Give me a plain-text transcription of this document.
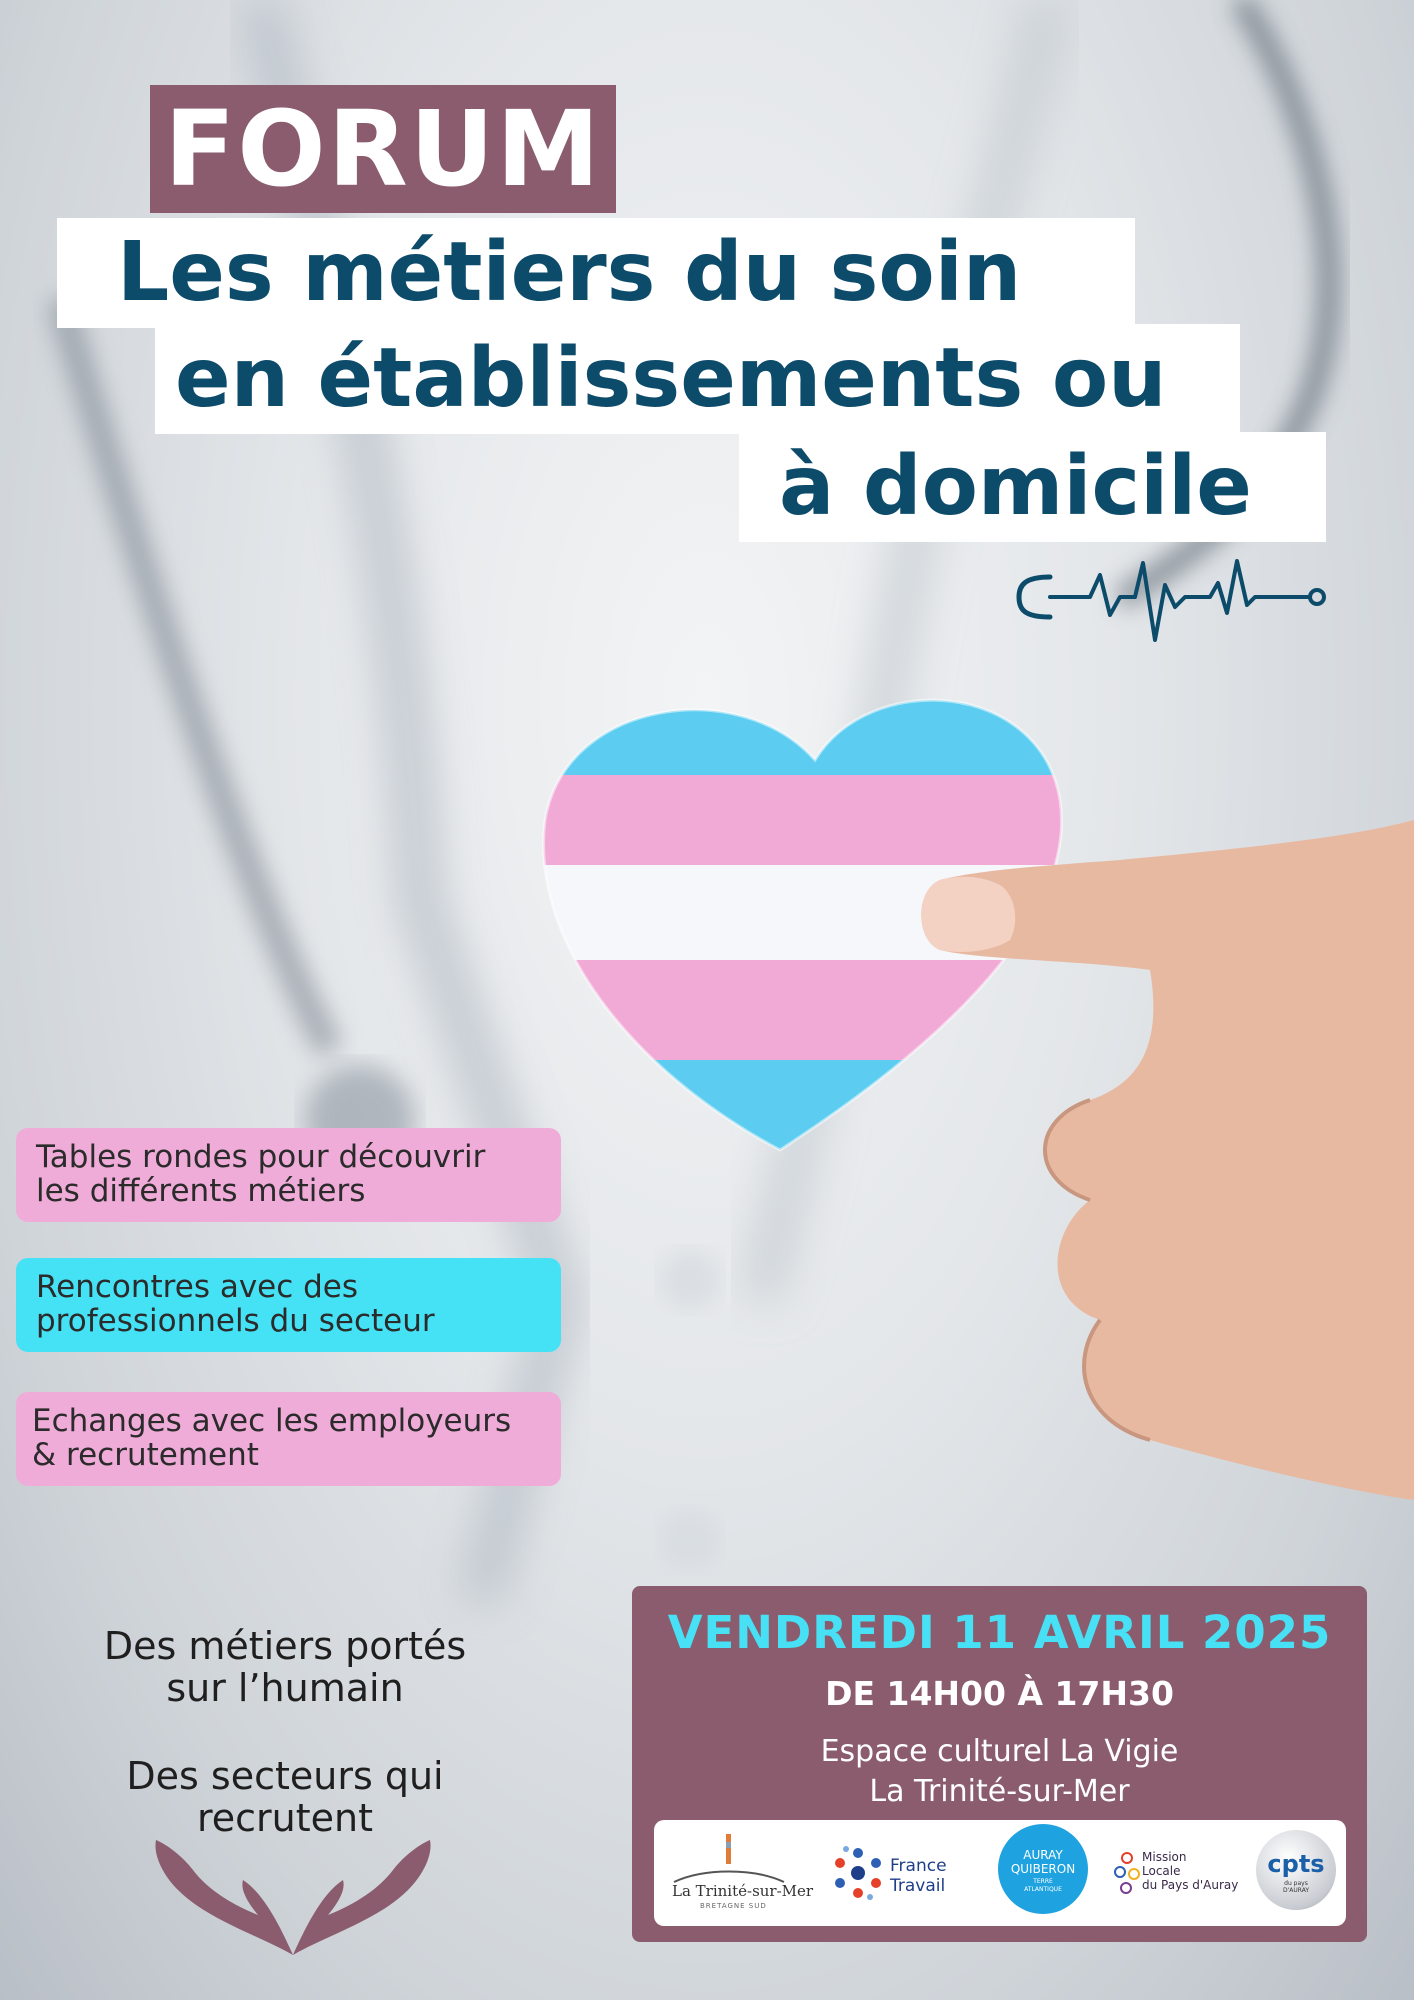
FORUM
Les métiers du soin
en établissements ou
à domicile
Tables rondes pour découvrir
les différents métiers
Rencontres avec des
professionnels du secteur
Echanges avec les employeurs
& recrutement
Des métiers portés
sur l’humain
Des secteurs qui
recrutent
VENDREDI 11 AVRIL 2025
DE 14H00 À 17H30
Espace culturel La Vigie
La Trinité-sur-Mer
La Trinité-sur-Mer
BRETAGNE SUD
France
Travail
AURAY
QUIBERON
TERRE
ATLANTIQUE
Mission
Locale
du Pays d'Auray
cpts
du pays
D'AURAY
